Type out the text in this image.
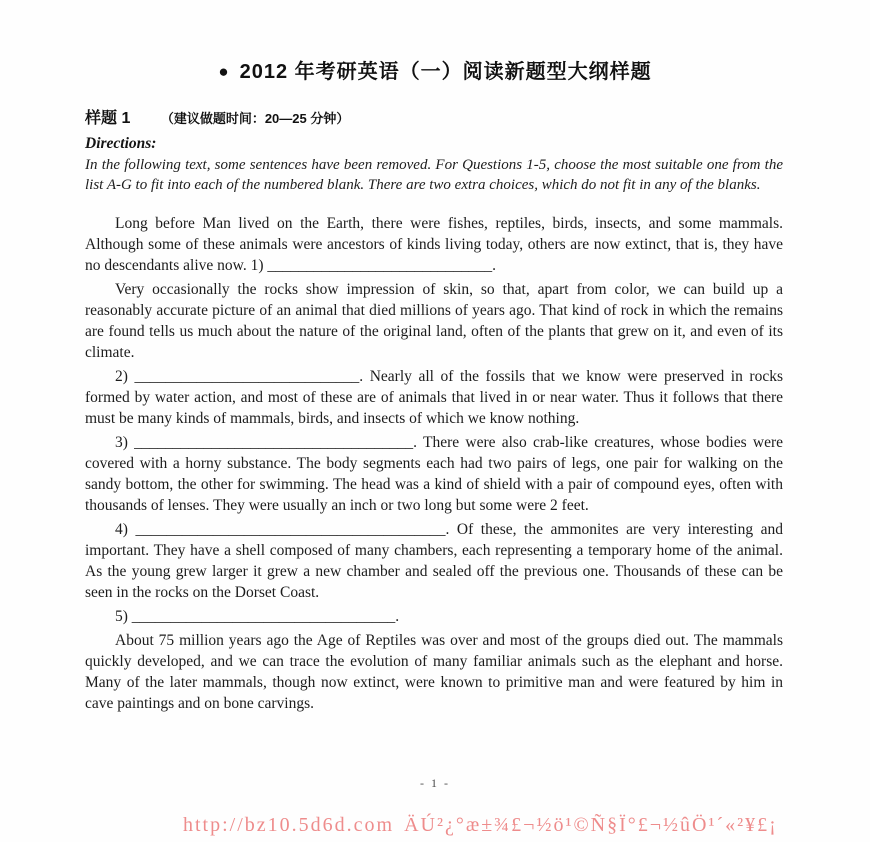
● 2012 年考研英语（一）阅读新题型大纲样题
样题 1 （建议做题时间：20—25 分钟）
Directions:

In the following text, some sentences have been removed. For Questions 1-5, choose the most suitable one from the list A-G to fit into each of the numbered blank. There are two extra choices, which do not fit in any of the blanks.

Long before Man lived on the Earth, there were fishes, reptiles, birds, insects, and some mammals. Although some of these animals were ancestors of kinds living today, others are now extinct, that is, they have no descendants alive now. 1) _____________________________.

Very occasionally the rocks show impression of skin, so that, apart from color, we can build up a reasonably accurate picture of an animal that died millions of years ago. That kind of rock in which the remains are found tells us much about the nature of the original land, often of the plants that grew on it, and even of its climate.

2) _____________________________. Nearly all of the fossils that we know were preserved in rocks formed by water action, and most of these are of animals that lived in or near water. Thus it follows that there must be many kinds of mammals, birds, and insects of which we know nothing.

3) ____________________________________. There were also crab-like creatures, whose bodies were covered with a horny substance. The body segments each had two pairs of legs, one pair for walking on the sandy bottom, the other for swimming. The head was a kind of shield with a pair of compound eyes, often with thousands of lenses. They were usually an inch or two long but some were 2 feet.

4) ________________________________________. Of these, the ammonites are very interesting and important. They have a shell composed of many chambers, each representing a temporary home of the animal. As the young grew larger it grew a new chamber and sealed off the previous one. Thousands of these can be seen in the rocks on the Dorset Coast.

5) __________________________________.

About 75 million years ago the Age of Reptiles was over and most of the groups died out. The mammals quickly developed, and we can trace the evolution of many familiar animals such as the elephant and horse. Many of the later mammals, though now extinct, were known to primitive man and were featured by him in cave paintings and on bone carvings.

- 1 -
http://bz10.5d6d.com ÄÚ²¿°æ±¾£¬½ö¹©Ñ§Ï°£¬½ûÖ¹´«²¥£¡
